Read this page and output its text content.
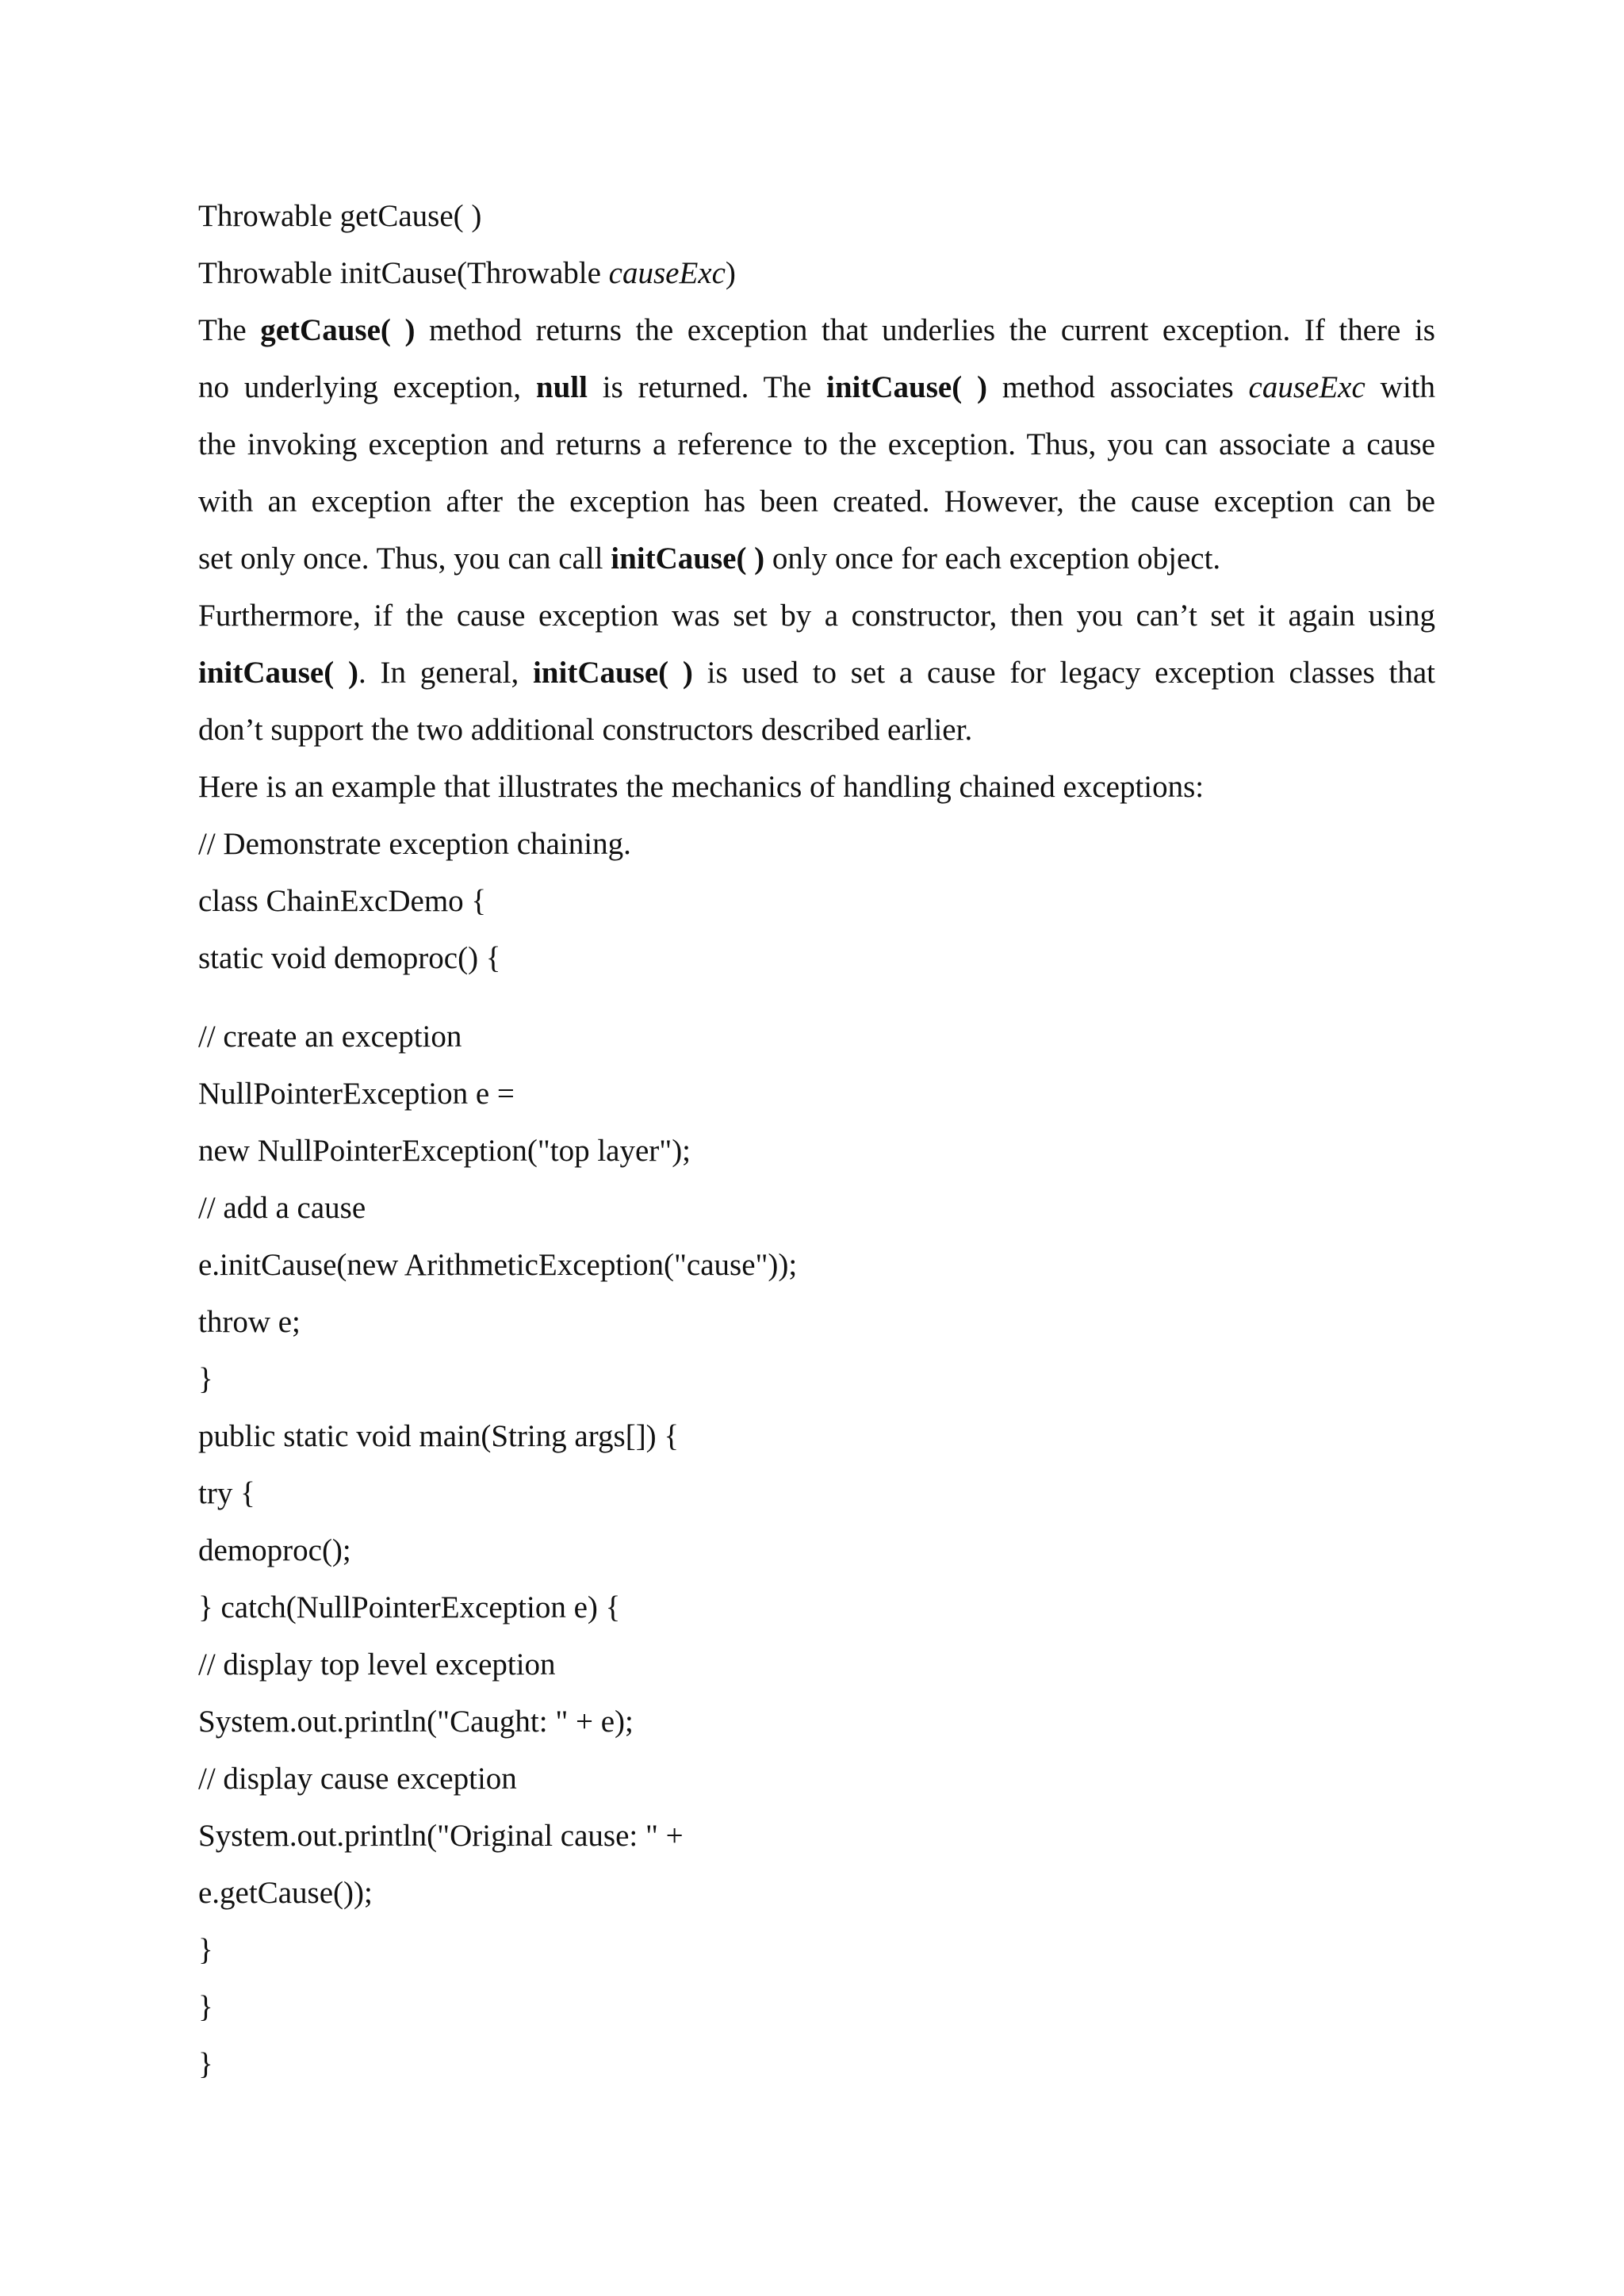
Throwable getCause( )

Throwable initCause(Throwable causeExc)

The getCause( ) method returns the exception that underlies the current exception. If there is

no underlying exception, null is returned. The initCause( ) method associates causeExc with

the invoking exception and returns a reference to the exception. Thus, you can associate a cause

with an exception after the exception has been created. However, the cause exception can be

set only once. Thus, you can call initCause( ) only once for each exception object.

Furthermore, if the cause exception was set by a constructor, then you can’t set it again using

initCause( ). In general, initCause( ) is used to set a cause for legacy exception classes that

don’t support the two additional constructors described earlier.

Here is an example that illustrates the mechanics of handling chained exceptions:

// Demonstrate exception chaining.

class ChainExcDemo {

static void demoproc() {

// create an exception

NullPointerException e =

new NullPointerException("top layer");

// add a cause

e.initCause(new ArithmeticException("cause"));

throw e;

}

public static void main(String args[]) {

try {

demoproc();

} catch(NullPointerException e) {

// display top level exception

System.out.println("Caught: " + e);

// display cause exception

System.out.println("Original cause: " +

e.getCause());

}

}

}
